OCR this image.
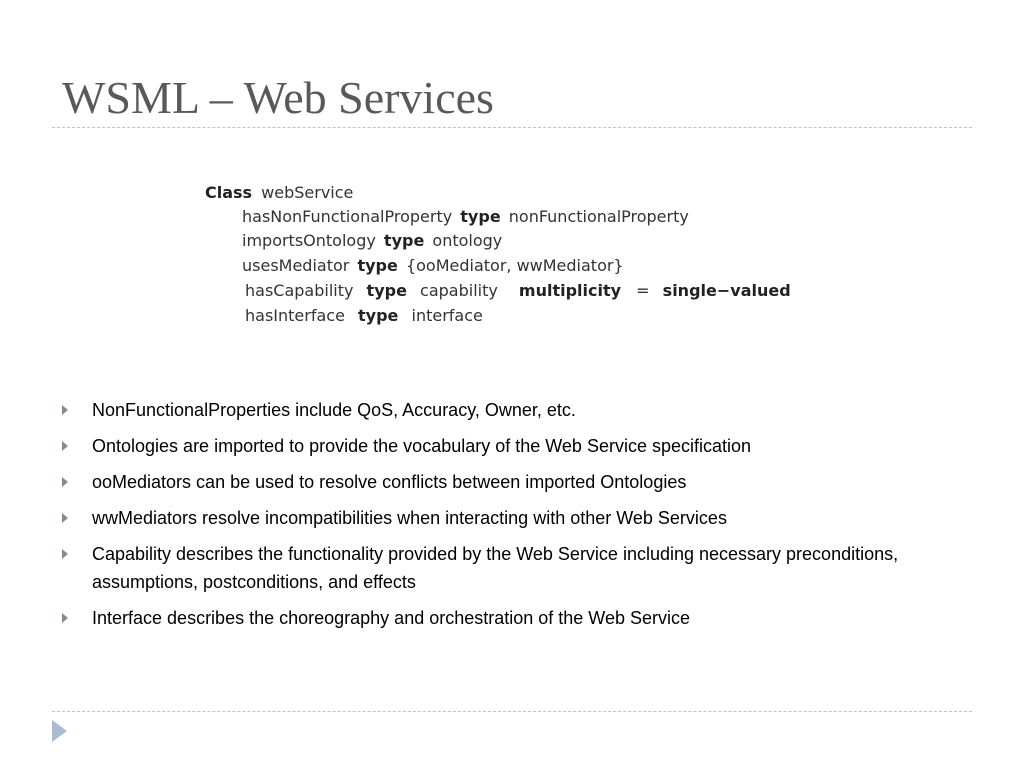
WSML – Web Services
Class webService
hasNonFunctionalProperty type nonFunctionalProperty
importsOntology type ontology
usesMediator type {ooMediator, wwMediator}
hasCapability type capability multiplicity = single−valued
hasInterface type interface
NonFunctionalProperties include QoS, Accuracy, Owner, etc.
Ontologies are imported to provide the vocabulary of the Web Service specification
ooMediators can be used to resolve conflicts between imported Ontologies
wwMediators resolve incompatibilities when interacting with other Web Services
Capability describes the functionality provided by the Web Service including necessary preconditions, assumptions, postconditions, and effects
Interface describes the choreography and orchestration of the Web Service
